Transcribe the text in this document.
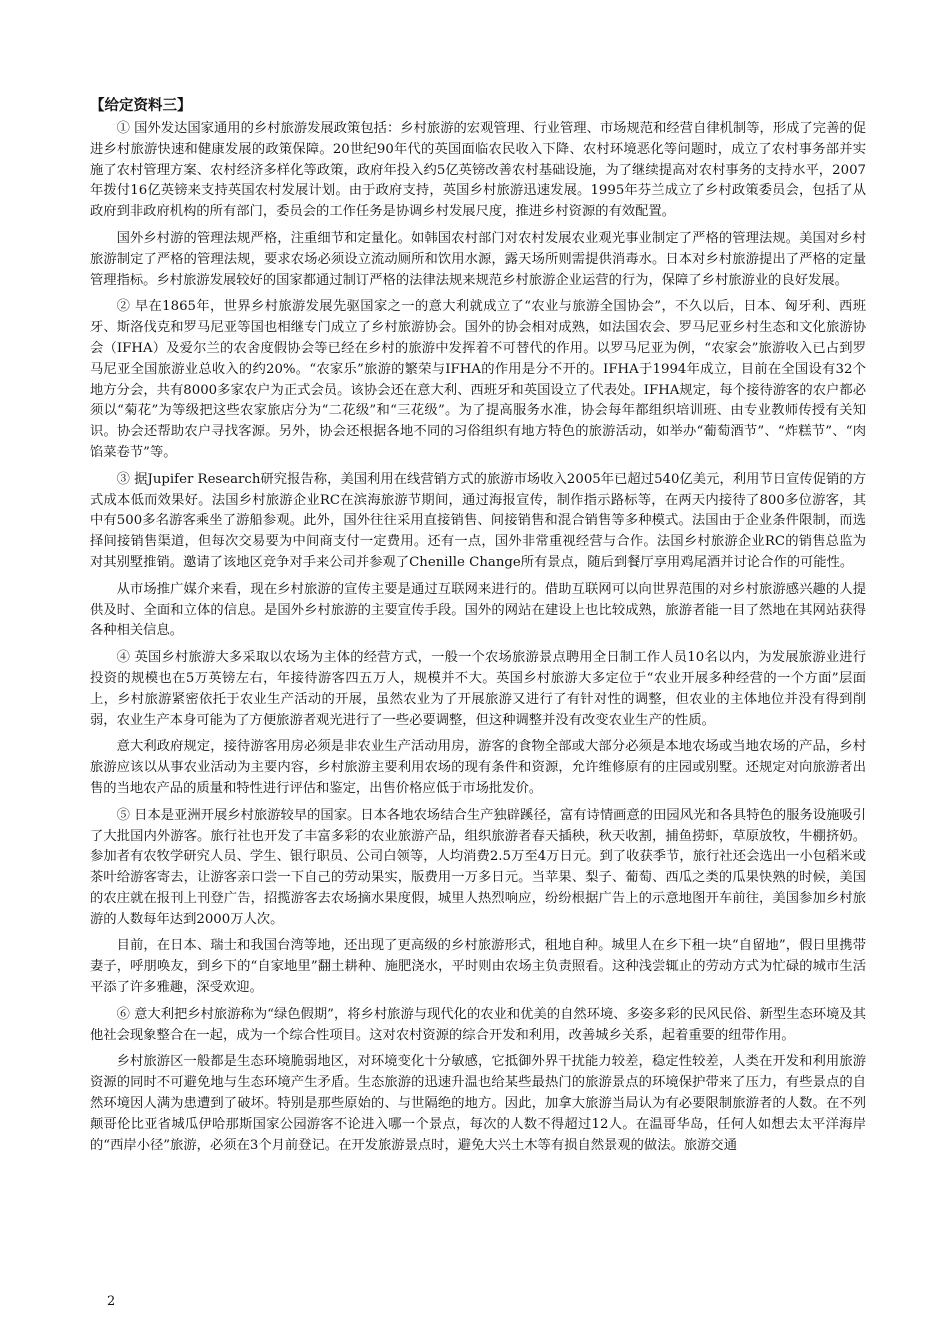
【给定资料三】

① 国外发达国家通用的乡村旅游发展政策包括：乡村旅游的宏观管理、行业管理、市场规范和经营自律机制等，形成了完善的促进乡村旅游快速和健康发展的政策保障。20世纪90年代的英国面临农民收入下降、农村环境恶化等问题时，成立了农村事务部并实施了农村管理方案、农村经济多样化等政策，政府年投入约5亿英镑改善农村基础设施，为了继续提高对农村事务的支持水平，2007年拨付16亿英镑来支持英国农村发展计划。由于政府支持，英国乡村旅游迅速发展。1995年芬兰成立了乡村政策委员会，包括了从政府到非政府机构的所有部门，委员会的工作任务是协调乡村发展尺度，推进乡村资源的有效配置。

国外乡村游的管理法规严格，注重细节和定量化。如韩国农村部门对农村发展农业观光事业制定了严格的管理法规。美国对乡村旅游制定了严格的管理法规，要求农场必须设立流动厕所和饮用水源，露天场所则需提供消毒水。日本对乡村旅游提出了严格的定量管理指标。乡村旅游发展较好的国家都通过制订严格的法律法规来规范乡村旅游企业运营的行为，保障了乡村旅游业的良好发展。

② 早在1865年，世界乡村旅游发展先驱国家之一的意大利就成立了“农业与旅游全国协会”，不久以后，日本、匈牙利、西班牙、斯洛伐克和罗马尼亚等国也相继专门成立了乡村旅游协会。国外的协会相对成熟，如法国农会、罗马尼亚乡村生态和文化旅游协会（IFHA）及爱尔兰的农舍度假协会等已经在乡村的旅游中发挥着不可替代的作用。以罗马尼亚为例，“农家会”旅游收入已占到罗马尼亚全国旅游业总收入的约20%。“农家乐”旅游的繁荣与IFHA的作用是分不开的。IFHA于1994年成立，目前在全国设有32个地方分会，共有8000多家农户为正式会员。该协会还在意大利、西班牙和英国设立了代表处。IFHA规定，每个接待游客的农户都必须以“菊花”为等级把这些农家旅店分为“二花级”和“三花级”。为了提高服务水准，协会每年都组织培训班、由专业教师传授有关知识。协会还帮助农户寻找客源。另外，协会还根据各地不同的习俗组织有地方特色的旅游活动，如举办“葡萄酒节”、“炸糕节”、“肉馅菜卷节”等。

③ 据Jupifer Research研究报告称，美国利用在线营销方式的旅游市场收入2005年已超过540亿美元，利用节日宣传促销的方式成本低而效果好。法国乡村旅游企业RC在滨海旅游节期间，通过海报宣传，制作指示路标等，在两天内接待了800多位游客，其中有500多名游客乘坐了游船参观。此外，国外往往采用直接销售、间接销售和混合销售等多种模式。法国由于企业条件限制，而选择间接销售渠道，但每次交易要为中间商支付一定费用。还有一点，国外非常重视经营与合作。法国乡村旅游企业RC的销售总监为对其别墅推销。邀请了该地区竞争对手来公司并参观了Chenille Change所有景点，随后到餐厅享用鸡尾酒并讨论合作的可能性。

从市场推广媒介来看，现在乡村旅游的宣传主要是通过互联网来进行的。借助互联网可以向世界范围的对乡村旅游感兴趣的人提供及时、全面和立体的信息。是国外乡村旅游的主要宣传手段。国外的网站在建设上也比较成熟，旅游者能一目了然地在其网站获得各种相关信息。

④ 英国乡村旅游大多采取以农场为主体的经营方式，一般一个农场旅游景点聘用全日制工作人员10名以内，为发展旅游业进行投资的规模也在5万英镑左右，年接待游客四五万人，规模并不大。英国乡村旅游大多定位于“农业开展多种经营的一个方面”层面上，乡村旅游紧密依托于农业生产活动的开展，虽然农业为了开展旅游又进行了有针对性的调整，但农业的主体地位并没有得到削弱，农业生产本身可能为了方便旅游者观光进行了一些必要调整，但这种调整并没有改变农业生产的性质。

意大利政府规定，接待游客用房必须是非农业生产活动用房，游客的食物全部或大部分必须是本地农场或当地农场的产品，乡村旅游应该以从事农业活动为主要内容，乡村旅游主要利用农场的现有条件和资源，允许维修原有的庄园或别墅。还规定对向旅游者出售的当地农产品的质量和特性进行评估和鉴定，出售价格应低于市场批发价。

⑤ 日本是亚洲开展乡村旅游较早的国家。日本各地农场结合生产独辟蹊径，富有诗情画意的田园风光和各具特色的服务设施吸引了大批国内外游客。旅行社也开发了丰富多彩的农业旅游产品，组织旅游者春天插秧，秋天收割，捕鱼捞虾，草原放牧，牛棚挤奶。参加者有农牧学研究人员、学生、银行职员、公司白领等，人均消费2.5万至4万日元。到了收获季节，旅行社还会选出一小包稻米或茶叶给游客寄去，让游客亲口尝一下自己的劳动果实，版费用一万多日元。当苹果、梨子、葡萄、西瓜之类的瓜果快熟的时候，美国的农庄就在报刊上刊登广告，招揽游客去农场摘水果度假，城里人热烈响应，纷纷根据广告上的示意地图开车前往，美国参加乡村旅游的人数每年达到2000万人次。

目前，在日本、瑞士和我国台湾等地，还出现了更高级的乡村旅游形式，租地自种。城里人在乡下租一块“自留地”，假日里携带妻子，呼朋唤友，到乡下的“自家地里”翻土耕种、施肥浇水，平时则由农场主负责照看。这种浅尝辄止的劳动方式为忙碌的城市生活平添了许多雅趣，深受欢迎。

⑥ 意大利把乡村旅游称为“绿色假期”，将乡村旅游与现代化的农业和优美的自然环境、多姿多彩的民风民俗、新型生态环境及其他社会现象整合在一起，成为一个综合性项目。这对农村资源的综合开发和利用，改善城乡关系，起着重要的纽带作用。

乡村旅游区一般都是生态环境脆弱地区，对环境变化十分敏感，它抵御外界干扰能力较差，稳定性较差，人类在开发和利用旅游资源的同时不可避免地与生态环境产生矛盾。生态旅游的迅速升温也给某些最热门的旅游景点的环境保护带来了压力，有些景点的自然环境因人满为患遭到了破坏。特别是那些原始的、与世隔绝的地方。因此，加拿大旅游当局认为有必要限制旅游者的人数。在不列颠哥伦比亚省城瓜伊哈那斯国家公园游客不论进入哪一个景点，每次的人数不得超过12人。在温哥华岛，任何人如想去太平洋海岸的“西岸小径”旅游，必须在3个月前登记。在开发旅游景点时，避免大兴土木等有损自然景观的做法。旅游交通

2
